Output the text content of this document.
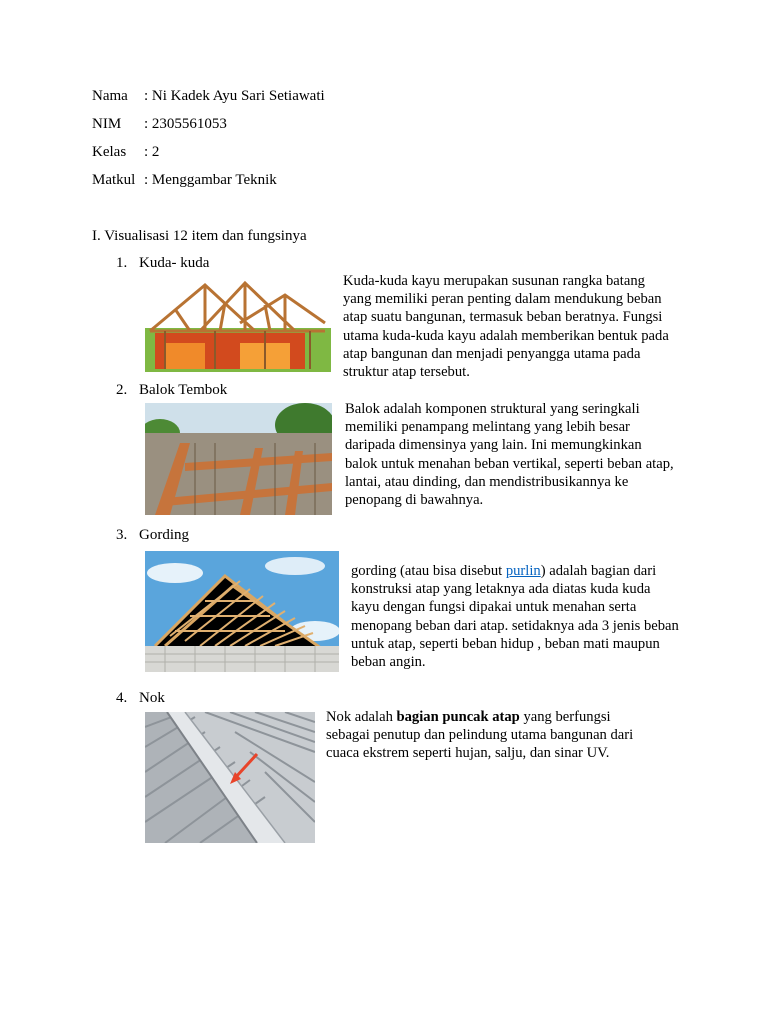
Nama : Ni Kadek Ayu Sari Setiawati
NIM : 2305561053
Kelas : 2
Matkul : Menggambar Teknik
I. Visualisasi 12 item dan fungsinya
1. Kuda- kuda
Kuda-kuda kayu merupakan susunan rangka batang yang memiliki peran penting dalam mendukung beban atap suatu bangunan, termasuk beban beratnya. Fungsi utama kuda-kuda kayu adalah memberikan bentuk pada atap bangunan dan menjadi penyangga utama pada struktur atap tersebut.
2. Balok Tembok
Balok adalah komponen struktural yang seringkali memiliki penampang melintang yang lebih besar daripada dimensinya yang lain. Ini memungkinkan balok untuk menahan beban vertikal, seperti beban atap, lantai, atau dinding, dan mendistribusikannya ke penopang di bawahnya.
3. Gording
gording (atau bisa disebut purlin) adalah bagian dari konstruksi atap yang letaknya ada diatas kuda kuda kayu dengan fungsi dipakai untuk menahan serta menopang beban dari atap. setidaknya ada 3 jenis beban untuk atap, seperti beban hidup , beban mati maupun beban angin.
4. Nok
Nok adalah bagian puncak atap yang berfungsi sebagai penutup dan pelindung utama bangunan dari cuaca ekstrem seperti hujan, salju, dan sinar UV.
